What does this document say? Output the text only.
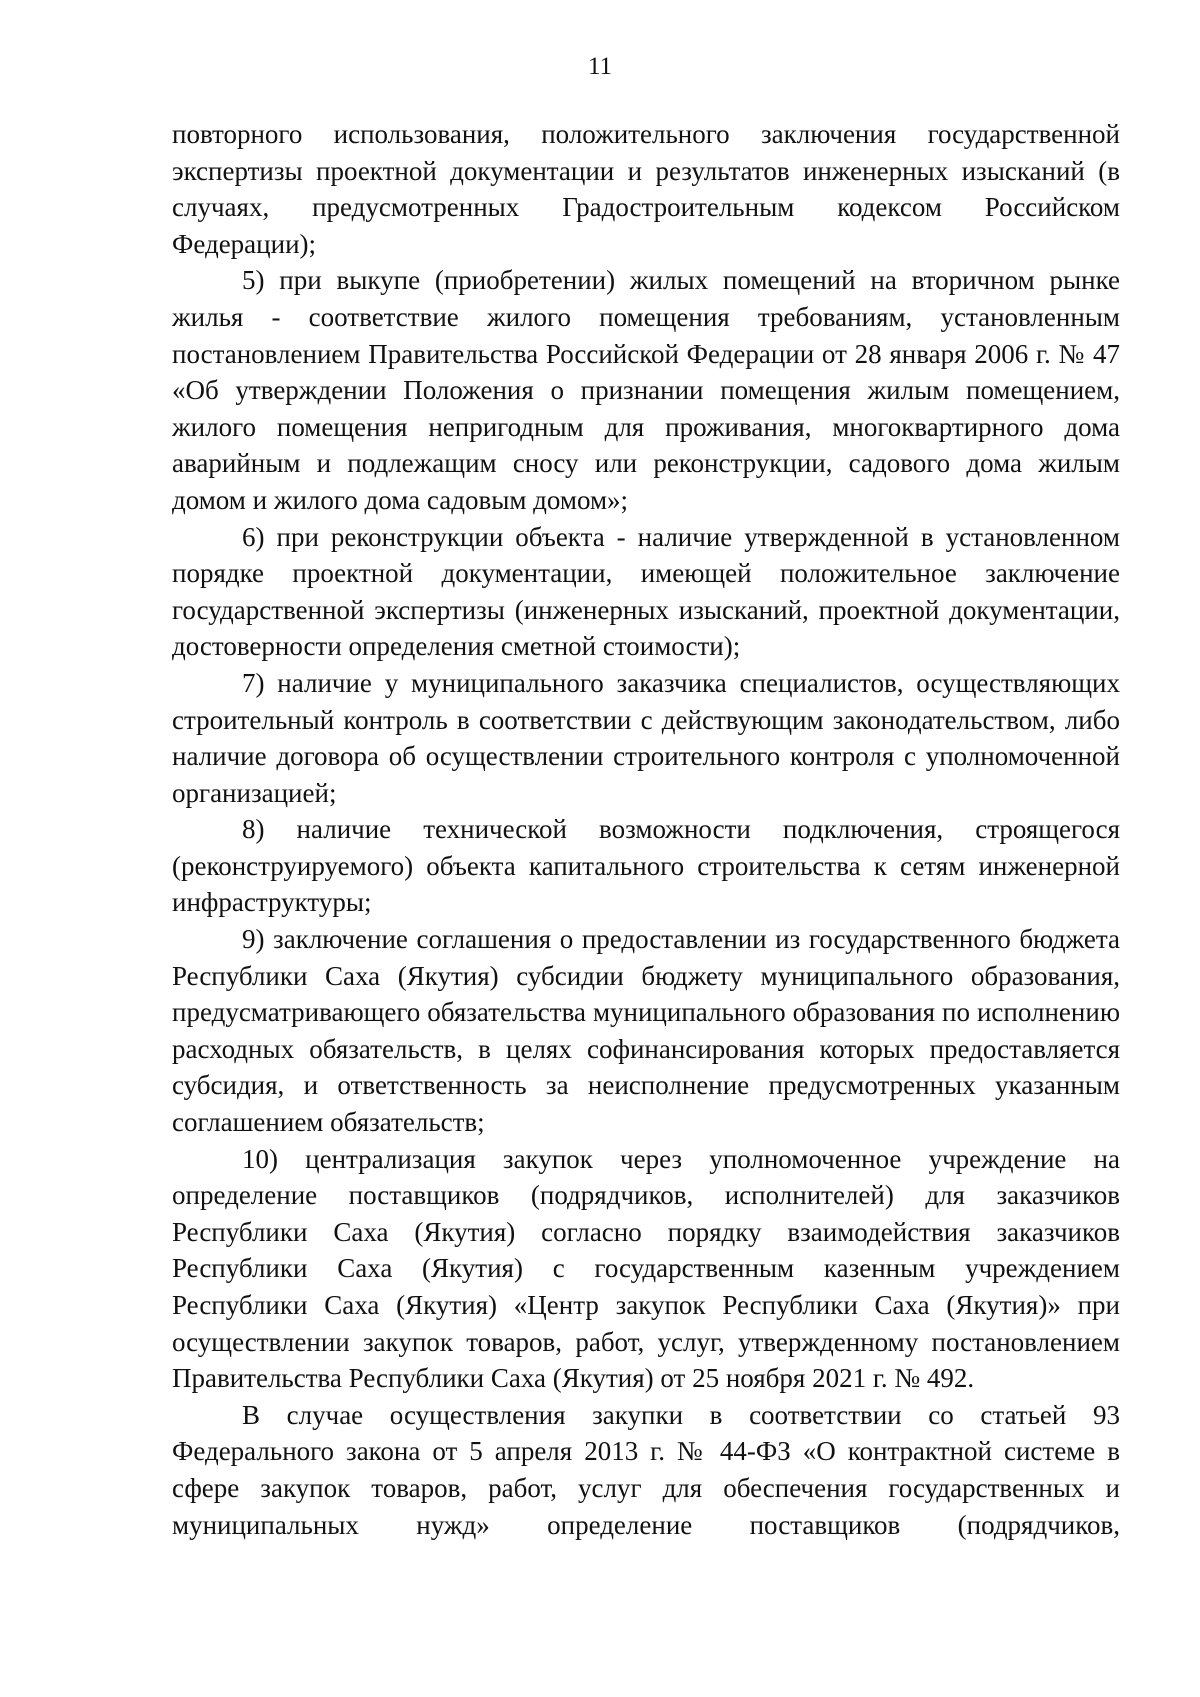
11

повторного использования, положительного заключения государственной экспертизы проектной документации и результатов инженерных изысканий (в случаях, предусмотренных Градостроительным кодексом Российском Федерации);

5) при выкупе (приобретении) жилых помещений на вторичном рынке жилья - соответствие жилого помещения требованиям, установленным постановлением Правительства Российской Федерации от 28 января 2006 г. № 47 «Об утверждении Положения о признании помещения жилым помещением, жилого помещения непригодным для проживания, многоквартирного дома аварийным и подлежащим сносу или реконструкции, садового дома жилым домом и жилого дома садовым домом»;

6) при реконструкции объекта - наличие утвержденной в установленном порядке проектной документации, имеющей положительное заключение государственной экспертизы (инженерных изысканий, проектной документации, достоверности определения сметной стоимости);

7) наличие у муниципального заказчика специалистов, осуществляющих строительный контроль в соответствии с действующим законодательством, либо наличие договора об осуществлении строительного контроля с уполномоченной организацией;

8) наличие технической возможности подключения, строящегося (реконструируемого) объекта капитального строительства к сетям инженерной инфраструктуры;

9) заключение соглашения о предоставлении из государственного бюджета Республики Саха (Якутия) субсидии бюджету муниципального образования, предусматривающего обязательства муниципального образования по исполнению расходных обязательств, в целях софинансирования которых предоставляется субсидия, и ответственность за неисполнение предусмотренных указанным соглашением обязательств;

10) централизация закупок через уполномоченное учреждение на определение поставщиков (подрядчиков, исполнителей) для заказчиков Республики Саха (Якутия) согласно порядку взаимодействия заказчиков Республики Саха (Якутия) с государственным казенным учреждением Республики Саха (Якутия) «Центр закупок Республики Саха (Якутия)» при осуществлении закупок товаров, работ, услуг, утвержденному постановлением Правительства Республики Саха (Якутия) от 25 ноября 2021 г. № 492.

В случае осуществления закупки в соответствии со статьей 93 Федерального закона от 5 апреля 2013 г. № 44-ФЗ «О контрактной системе в сфере закупок товаров, работ, услуг для обеспечения государственных и муниципальных нужд» определение поставщиков (подрядчиков,
